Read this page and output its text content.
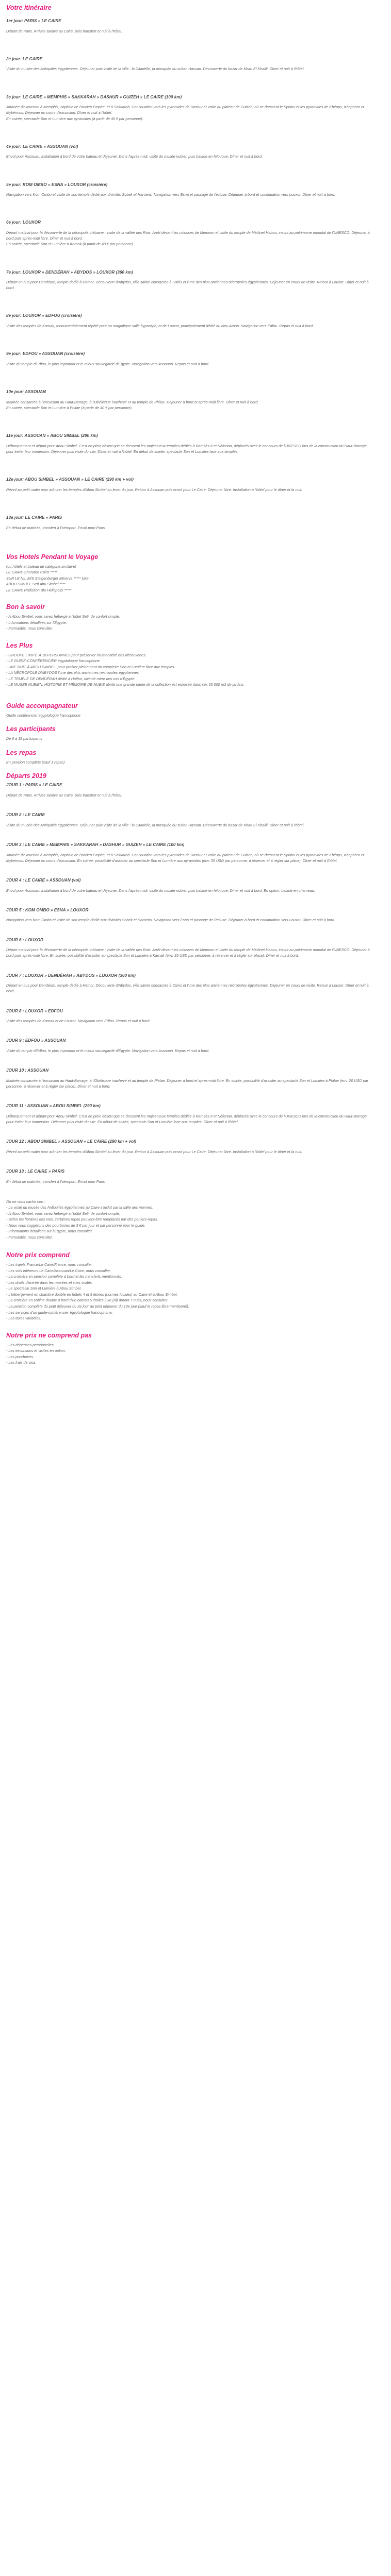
Votre itinéraire
1er jour: PARIS » LE CAIRE

Départ de Paris. Arrivée tardive au Caire, puis transfert et nuit à l'hôtel.

2e jour: LE CAIRE

Visite du musée des Antiquités égyptiennes. Déjeuner puis visite de la ville : la Citadelle, la mosquée du sultan Hassan. Découverte du bazar de Khan El Khalili. Dîner et nuit à l'hôtel.

3e jour: LE CAIRE » MEMPHIS » SAKKARAH » DASHUR » GUIZEH » LE CAIRE (100 km)

Journée d'excursion à Memphis, capitale de l'ancien Empire, et à Sakkarah. Continuation vers les pyramides de Dashur et visite du plateau de Guizeh, où se dressent le Sphinx et les pyramides de Khéops, Khephren et Mykérinos. Déjeuner en cours d'excursion. Dîner et nuit à l'hôtel.

En soirée, spectacle Son et Lumière aux pyramides (à partir de 40 € par personne).

4e jour: LE CAIRE » ASSOUAN (vol)

Envol pour Assouan. Installation à bord de votre bateau et déjeuner. Dans l'après-midi, visite du musée nubien puis balade en felouque. Dîner et nuit à bord.

5e jour: KOM OMBO » ESNA » LOUXOR (croisière)

Navigation vers Kom Ombo et visite de son temple dédié aux divinités Sobek et Haroeris. Navigation vers Esna et passage de l'écluse. Déjeuner à bord et continuation vers Louxor. Dîner et nuit à bord.

6e jour: LOUXOR

Départ matinal pour la découverte de la nécropole thébaine : visite de la vallée des Rois. Arrêt devant les colosses de Memnon et visite du temple de Médinet Habou, inscrit au patrimoine mondial de l'UNESCO. Déjeuner à bord puis après-midi libre. Dîner et nuit à bord.

En soirée, spectacle Son et Lumière à Karnak (à partir de 40 € par personne).

7e jour: LOUXOR » DENDÉRAH » ABYDOS » LOUXOR (360 km)

Départ en bus pour Dendérah, temple dédié à Hathor. Découverte d'Abydos, ville sainte consacrée à Osiris et l'une des plus anciennes nécropoles égyptiennes. Déjeuner en cours de visite. Retour à Louxor. Dîner et nuit à bord.

8e jour: LOUXOR » EDFOU (croisière)

Visite des temples de Karnak, monumentalement répété pour sa magnifique salle hypostyle, et de Louxor, principalement dédié au dieu Amon. Navigation vers Edfou. Repas et nuit à bord.

9e jour: EDFOU » ASSOUAN (croisière)

Visite du temple d'Edfou, le plus important et le mieux sauvegardé d'Égypte. Navigation vers Assouan. Repas et nuit à bord.

10e jour: ASSOUAN

Matinée consacrée à l'excursion au Haut-Barrage, à l'Obélisque inachevé et au temple de Philae. Déjeuner à bord et après-midi libre. Dîner et nuit à bord.

En soirée, spectacle Son et Lumière à Philae (à partir de 40 € par personne).

11e jour: ASSOUAN » ABOU SIMBEL (290 km)

Débarquement et départ pour Abou Simbel. C'est en plein désert que se dressent les majestueux temples dédiés à Ramsès II et Néfertari, déplacés avec le concours de l'UNESCO lors de la construction du Haut-Barrage pour éviter leur immersion. Déjeuner puis visite du site. Dîner et nuit à l'hôtel. En début de soirée, spectacle Son et Lumière face aux temples.

12e jour: ABOU SIMBEL » ASSOUAN » LE CAIRE (290 km + vol)

Réveil au petit matin pour admirer les temples d'Abou Simbel au lever du jour. Retour à Assouan puis envol pour Le Caire. Déjeuner libre. Installation à l'hôtel pour le dîner et la nuit.

13e jour: LE CAIRE » PARIS

En début de matinée, transfert à l'aéroport. Envol pour Paris.

Vos Hotels Pendant le Voyage

(ou hôtels et bateau de catégorie similaire)

LE CAIRE Sheraton Cairo *****

SUR LE NIL M/S Steigenberger Minerva ***** luxe

ABOU SIMBEL Seti Abu Simbel ****

LE CAIRE Radisson Blu Heliopolis *****

Bon à savoir

- À Abou Simbel, vous serez hébergé à l'hôtel Seti, de confort simple.

- Informations détaillées sur l'Égypte.

- Formalités, nous consulter.

Les Plus

- GROUPE LIMITÉ À 18 PERSONNES pour préserver l'authenticité des découvertes.

- LE GUIDE-CONFÉRENCIER égyptologue francophone.

- UNE NUIT À ABOU SIMBEL, pour profiter pleinement du complexe Son et Lumière face aux temples.

- LA NÉCROPOLE D'ABYDOS l'une des plus anciennes nécropoles égyptiennes.

- LE TEMPLE DE DENDÉRAH dédié à Hathor, divinité mère des rois d'Égypte.

- LE MUSÉE NUBIEN, HISTOIRE ET MÉMOIRE DE NUBIE abrité une grande partie de la collection est exposée dans ses 63 000 m2 de jardins.

Guide accompagnateur

Guide conférencier égyptologue francophone

Les participants

De 6 à 18 participants

Les repas

En pension complète (sauf 1 repas)

Départs 2019
JOUR 1 : PARIS » LE CAIRE

Départ de Paris. Arrivée tardive au Caire, puis transfert et nuit à l'hôtel.

JOUR 2 : LE CAIRE

Visite du musée des Antiquités égyptiennes. Déjeuner puis visite de la ville : la Citadelle, la mosquée du sultan Hassan. Découverte du bazar de Khan El Khalili. Dîner et nuit à l'hôtel.

JOUR 3 : LE CAIRE » MEMPHIS » SAKKARAH » DASHUR » GUIZEH » LE CAIRE (100 km)

Journée d'excursion à Memphis, capitale de l'ancien Empire, et à Sakkarah. Continuation vers les pyramides de Dashur et visite du plateau de Guizeh, où se dressent le Sphinx et les pyramides de Khéops, Khephren et Mykérinos. Déjeuner en cours d'excursion. En soirée, possibilité d'assister au spectacle Son et Lumière aux pyramides (env. 35 USD par personne, à réserver et à régler sur place). Dîner et nuit à l'hôtel.

JOUR 4 : LE CAIRE » ASSOUAN (vol)

Envol pour Assouan. Installation à bord de votre bateau et déjeuner. Dans l'après-midi, visite du musée nubien puis balade en felouque. Dîner et nuit à bord. En option, balade en chameau.

JOUR 5 : KOM OMBO » ESNA » LOUXOR

Navigation vers Kom Ombo et visite de son temple dédié aux divinités Sobek et Haroeris. Navigation vers Esna et passage de l'écluse. Déjeuner à bord et continuation vers Louxor. Dîner et nuit à bord.

JOUR 6 : LOUXOR

Départ matinal pour la découverte de la nécropole thébaine : visite de la vallée des Rois. Arrêt devant les colosses de Memnon et visite du temple de Médinet Habou, inscrit au patrimoine mondial de l'UNESCO. Déjeuner à bord puis après-midi libre. En soirée, possibilité d'assister au spectacle Son et Lumière à Karnak (env. 35 USD par personne, à réserver et à régler sur place). Dîner et nuit à bord.

JOUR 7 : LOUXOR » DENDÉRAH » ABYDOS » LOUXOR (360 km)

Départ en bus pour Dendérah, temple dédié à Hathor. Découverte d'Abydos, ville sainte consacrée à Osiris et l'une des plus anciennes nécropoles égyptiennes. Déjeuner en cours de visite. Retour à Louxor. Dîner et nuit à bord.

JOUR 8 : LOUXOR » EDFOU

Visite des temples de Karnak et de Louxor. Navigation vers Edfou. Repas et nuit à bord.

JOUR 9 : EDFOU » ASSOUAN

Visite du temple d'Edfou, le plus important et le mieux sauvegardé d'Égypte. Navigation vers Assouan. Repas et nuit à bord.

JOUR 10 : ASSOUAN

Matinée consacrée à l'excursion au Haut-Barrage, à l'Obélisque inachevé et au temple de Philae. Déjeuner à bord et après-midi libre. En soirée, possibilité d'assister au spectacle Son et Lumière à Philae (env. 20 USD par personne, à réserver et à régler sur place). Dîner et nuit à bord.

JOUR 11 : ASSOUAN » ABOU SIMBEL (290 km)

Débarquement et départ pour Abou Simbel. C'est en plein désert que se dressent les majestueux temples dédiés à Ramsès II et Néfertari, déplacés avec le concours de l'UNESCO lors de la construction du Haut-Barrage pour éviter leur immersion. Déjeuner puis visite du site. En début de soirée, spectacle Son et Lumière face aux temples. Dîner et nuit à l'hôtel.

JOUR 12 : ABOU SIMBEL » ASSOUAN » LE CAIRE (290 km + vol)

Réveil au petit matin pour admirer les temples d'Abou Simbel au lever du jour. Retour à Assouan puis envol pour Le Caire. Déjeuner libre. Installation à l'hôtel pour le dîner et la nuit.

JOUR 13 : LE CAIRE » PARIS

En début de matinée, transfert à l'aéroport. Envol pour Paris.

On ne vous cache rien :

- La visite du musée des Antiquités égyptiennes au Caire s'inclut par la salle des momies.

- À Abou Simbel, vous serez hébergé à l'hôtel Seti, de confort simple.

- Selon les horaires des vols, certaines repas peuvent être remplacés par des paniers-repas.

- Nous vous suggérons des pourboires de 3 € par jour et par personne pour le guide.

- Informations détaillées sur l'Égypte, nous consulter.

- Formalités, nous consulter.

Notre prix comprend

- Les trajets France/Le Caire/France, nous consulter.

- Les vols intérieurs Le Caire/Assouan/Le Caire, nous consulter.

- La croisière en pension complète à bord et les transferts mentionnés.

- Les droits d'entrée dans les musées et sites visités.

- Le spectacle Son et Lumière à Abou Simbel.

- L'hébergement en chambre double en hôtels 4 et 5 étoiles (normes locales) au Caire et à Abou Simbel.

- La croisière en cabine double à bord d'un bateau 5 étoiles luxe (nl) durant 7 nuits, nous consulter.

- La pension complète du petit déjeuner du 2e jour au petit déjeuner du 13e jour (sauf le repas libre mentionné).

- Les services d'un guide-conférencier égyptologue francophone.

- Les taxes variables.

Notre prix ne comprend pas

- Les dépenses personnelles.

- Les excursions et visites en option.

- Les pourboires.

- Les frais de visa.
